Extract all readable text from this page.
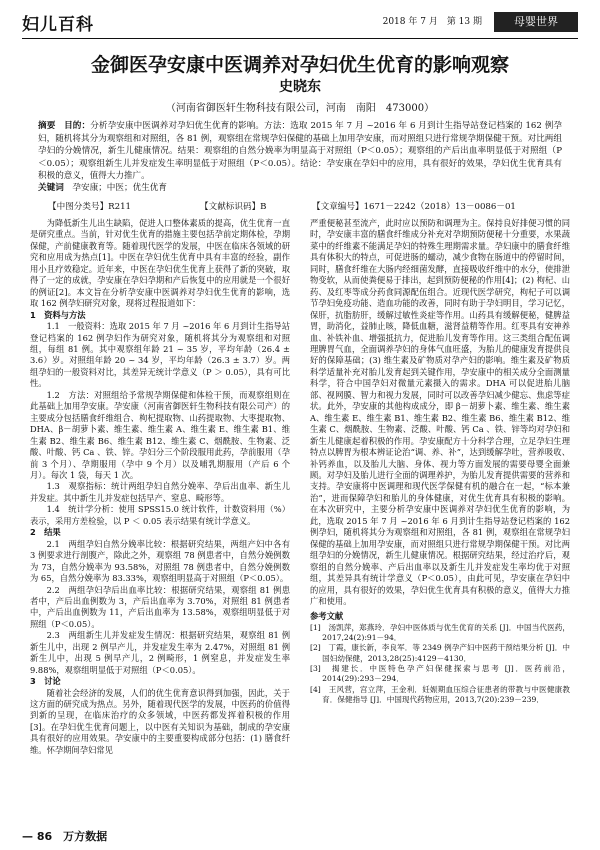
妇儿百科	2018 年 7 月　第 13 期	母婴世界
金御医孕安康中医调养对孕妇优生优育的影响观察
史晓东
（河南省御医轩生物科技有限公司，河南　南阳　473000）
摘要　目的：分析孕安康中医调养对孕妇优生优育的影响。方法：选取 2015 年 7 月 ~2016 年 6 月到计生指导站登记档案的 162 例孕妇，随机将其分为观察组和对照组，各 81 例，观察组在常规孕妇保健的基础上加用孕安康，而对照组只进行常规孕期保健干预。对比两组孕妇的分娩情况，新生儿健康情况。结果：观察组的自然分娩率为明显高于对照组（P＜0.05）；观察组的产后出血率明显低于对照组（P＜0.05）；观察组新生儿并发症发生率明显低于对照组（P＜0.05）。结论：孕安康在孕妇中的应用，具有很好的效果，孕妇优生优育具有积极的意义，值得大力推广。
关键词　 孕安康；中医；优生优育
【中图分类号】R211	【文献标识码】B	【文章编号】1671－2242（2018）13－0086－01

为降低新生儿出生缺陷，促进人口整体素质的提高，优生优育一直是研究重点。当前，针对优生优育的措施主要包括孕前定期体检，孕期保健，产前健康教育等。随着现代医学的发展，中医在临床各领域的研究和应用成为热点[1]。中医在孕妇优生优育中具有丰富的经验，副作用小且疗效稳定。近年来，中医在孕妇优生优育上获得了新的突破，取得了一定的成就，孕安康在孕妇孕期和产后恢复中的应用就是一个很好的例证[2]。本文旨在分析孕安康中医调养对孕妇优生优育的影响，选取 162 例孕妇研究对象，现将过程报道如下：

1　资料与方法

1.1　一般资料：选取 2015 年 7 月 ~2016 年 6 月到计生指导站登记档案的 162 例孕妇作为研究对象，随机将其分为观察组和对照组，每组 81 例。其中观察组年龄 21 ~ 35 岁，平均年龄（26.4 ± 3.6）岁。对照组年龄 20 ~ 34 岁，平均年龄（26.3 ± 3.7）岁。两组孕妇的一般资料对比，其差异无统计学意义（P ＞ 0.05），具有可比性。

1.2　方法：对照组给予常规孕期保健和体检干预，而观察组则在此基础上加用孕安康。孕安康（河南省御医轩生物科技有限公司产）的主要成分包括膳食纤维组合、枸杞提取物、山药提取物、大枣提取物、DHA、β－胡萝卜素、维生素、维生素 A、维生素 E、维生素 B1、维生素 B2、维生素 B6、维生素 B12、维生素 C、烟酰胺、生物素、泛酸、叶酸、钙 Ca 、铁、锌。孕妇分三个阶段服用此药，孕前服用（孕前 3 个月）、孕期服用（孕中 9 个月）以及哺乳期服用（产后 6 个月）。每次 1 袋，每天 1 次。

1.3　观察指标：统计两组孕妇自然分娩率、孕后出血率、新生儿并发症。其中新生儿并发症包括早产、窒息、畸形等。

1.4　统计学分析：使用 SPSS15.0 统计软件，计数资料用（%）表示，采用方差检验，以 P ＜ 0.05 表示结果有统计学意义。

2　结果

2.1　两组孕妇自然分娩率比较：根据研究结果，两组产妇中各有 3 例要求进行剖腹产，除此之外，观察组 78 例患者中，自然分娩例数为 73，自然分娩率为 93.58%，对照组 78 例患者中，自然分娩例数为 65，自然分娩率为 83.33%，观察组明显高于对照组（P＜0.05）。

2.2　两组孕妇孕后出血率比较：根据研究结果，观察组 81 例患者中，产后出血例数为 3，产后出血率为 3.70%，对照组 81 例患者中，产后出血例数为 11，产后出血率为 13.58%，观察组明显低于对照组（P＜0.05）。

2.3　两组新生儿并发症发生情况：根据研究结果，观察组 81 例新生儿中，出现 2 例早产儿，并发症发生率为 2.47%，对照组 81 例新生儿中，出现 5 例早产儿，2 例畸形，1 例窒息，并发症发生率 9.88%，观察组明显低于对照组（P＜0.05）。

3　讨论

随着社会经济的发展，人们的优生优育意识得到加强，因此，关于这方面的研究成为热点。另外，随着现代医学的发展，中医药的价值得到新的呈现，在临床治疗的众多领域，中医药都发挥着积极的作用[3]。在孕妇优生优育问题上，以中医有关知识为基础，制成的孕安康具有很好的应用效果。孕安康中的主要重要构成部分包括：(1) 膳食纤维。怀孕期间孕妇常见

严重便秘甚至流产，此时应以预防和调理为主。保持良好排便习惯的同时，孕安康丰富的膳食纤维成分补充对孕期预防便秘十分重要，水果蔬菜中的纤维素不能满足孕妇的特殊生理期需求量。孕妇康中的膳食纤维具有体积大的特点，可促进肠的蠕动，减少食物在肠道中的停留时间，同时，膳食纤维在大肠内经细菌发酵，直接吸收纤维中的水分，使排泄物变软，从而使粪便易于排出，起到预防便秘的作用[4]；(2) 枸杞、山药、及红枣等成分药食同源配伍组合。近现代医学研究，枸杞子可以调节孕妇免疫功能、造血功能的改善，同时有助于孕妇明目，学习记忆，保肝，抗脂肪肝，缓解过敏性炎症等作用。山药具有缓解便秘，健脾益胃，助消化，益肺止咳，降低血糖，滋肾益精等作用。红枣具有安神养血、补铁补血、增强抵抗力，促进胎儿发育等作用。这三类组合配伍调理脾胃气血，全面调养孕妇的身体气血旺盛，为胎儿的健康发育提供良好的保障基础；(3) 维生素及矿物质对孕产妇的影响。维生素及矿物质科学适量补充对胎儿发育起到关键作用，孕安康中的相关成分全面测量科学，符合中国孕妇对微量元素摄入的需求。DHA 可以促进胎儿脑部、视网膜、智力和视力发展，同时可以改善孕妇减少健忘、焦虑等症状。此外，孕安康的其他构成成分，即 β－胡萝卜素、维生素、维生素 A、维生素 E、维生素 B1、维生素 B2、维生素 B6、维生素 B12、维生素 C、烟酰胺、生物素、泛酸、叶酸、钙 Ca 、铁、锌等均对孕妇和新生儿健康起着积极的作用。孕安康配方十分科学合理，立足孕妇生理特点以脾胃为根本辨证论治“调、养、补”，达到缓解孕吐，营养吸收、补钙养血，以及胎儿大脑、身体、视力等方面发展的需要母婴全面兼顾。对孕妇及胎儿进行全面的调理养护，为胎儿发育提供需要的营养和支持。孕安康将中医调理和现代医学保健有机的融合在一起，“标本兼治”，进而保障孕妇和胎儿的身体健康，对优生优育具有积极的影响。在本次研究中，主要分析孕安康中医调养对孕妇优生优育的影响，为此，选取 2015 年 7 月 ~2016 年 6 月到计生指导站登记档案的 162 例孕妇，随机将其分为观察组和对照组，各 81 例，观察组在常规孕妇保健的基础上加用孕安康，而对照组只进行常规孕期保健干预。对比两组孕妇的分娩情况，新生儿健康情况。根据研究结果，经过治疗后，观察组的自然分娩率、产后出血率以及新生儿并发症发生率均优于对照组，其差异具有统计学意义（P＜0.05），由此可见，孕安康在孕妇中的应用，具有很好的效果，孕妇优生优育具有积极的意义，值得大力推广和使用。

参考文献

[1]　汤凯萍，郑燕玲．孕妇中医体质与优生优育的关系 [J]．中国当代医药，2017,24(2):91－94．
[2]　丁霞，康长新，李良军．等 2349 例孕产妇中医药干预结果分析 [J]．中国妇幼保健，2013,28(25):4129－4130．
[3]　揭建长．中医特色孕产妇保健探索与思考 [J]．医药前沿，2014(29):293－294．
[4]　王风营，宫立萍，王金利．妊娠期血压综合征患者的带教与中医健康教育．保健指导 [J]．中国现代药物应用，2013,7(20):239－239．
— 86　 万方数据
